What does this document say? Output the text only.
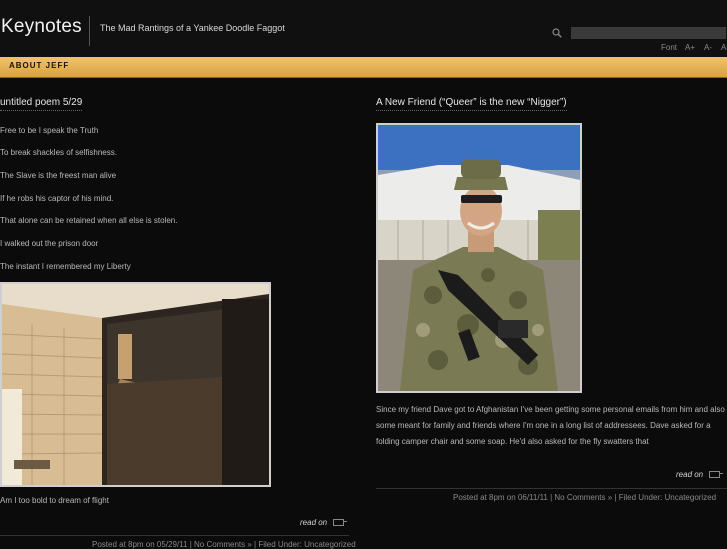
Keynotes The Mad Rantings of a Yankee Doodle Faggot
Font A+ A- A
ABOUT JEFF
untitled poem 5/29
Free to be I speak the Truth
To break shackles of selfishness.
The Slave is the freest man alive
If he robs his captor of his mind.
That alone can be retained when all else is stolen.
I walked out the prison door
The instant I remembered my Liberty
Am I too bold to dream of flight
read on
Posted at 8pm on 05/29/11 | No Comments » | Filed Under: Uncategorized
A New Friend (“Queer” is the new “Nigger”)
Since my friend Dave got to Afghanistan I've been getting some personal emails from him and also some meant for family and friends where I'm one in a long list of addressees. Dave asked for a folding camper chair and some soap. He'd also asked for the fly swatters that
read on
Posted at 8pm on 06/11/11 | No Comments » | Filed Under: Uncategorized
